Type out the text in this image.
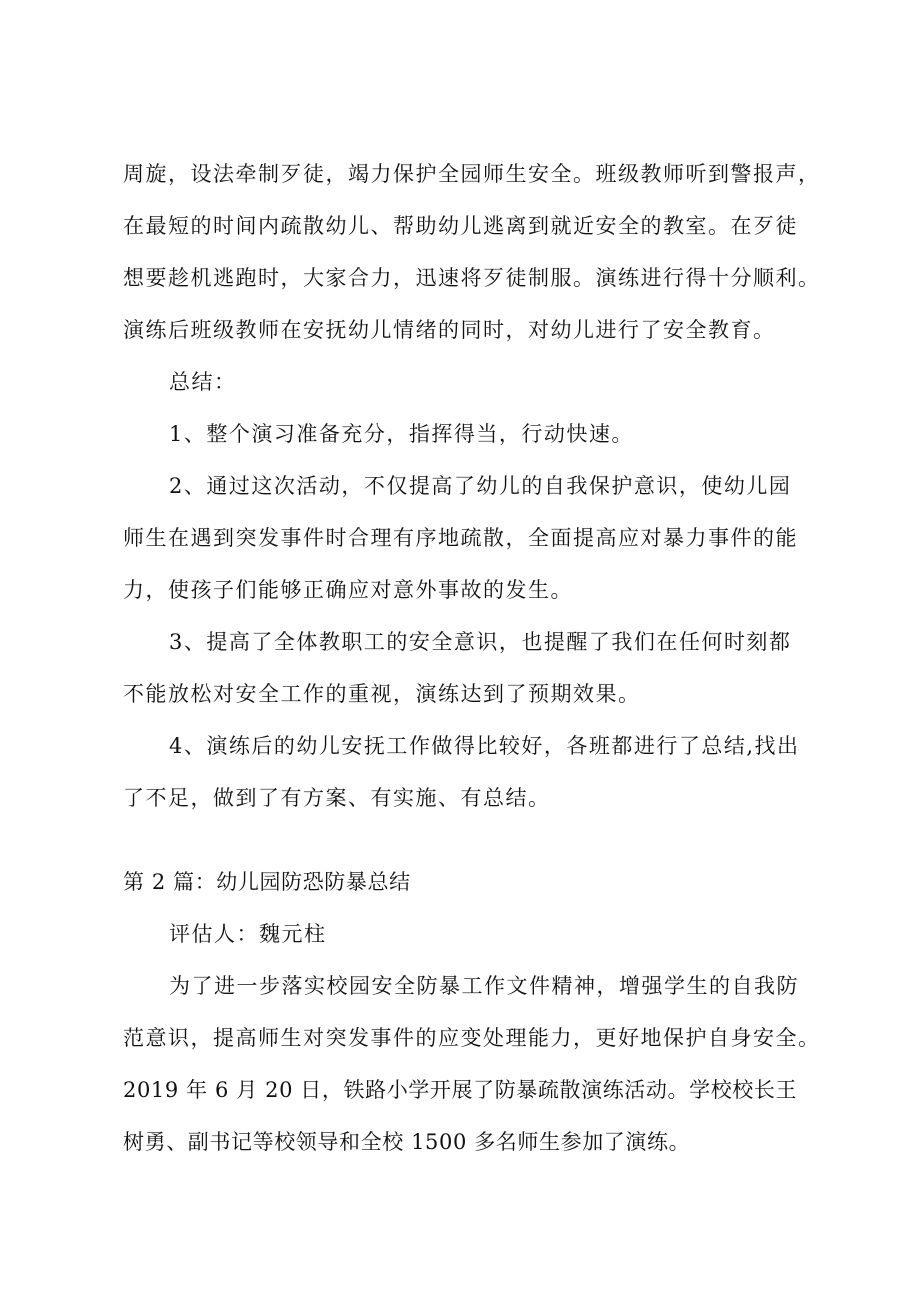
周旋，设法牵制歹徒，竭力保护全园师生安全。班级教师听到警报声，
在最短的时间内疏散幼儿、帮助幼儿逃离到就近安全的教室。在歹徒
想要趁机逃跑时，大家合力，迅速将歹徒制服。演练进行得十分顺利。
演练后班级教师在安抚幼儿情绪的同时，对幼儿进行了安全教育。
总结：
1、整个演习准备充分，指挥得当，行动快速。
2、通过这次活动，不仅提高了幼儿的自我保护意识，使幼儿园
师生在遇到突发事件时合理有序地疏散，全面提高应对暴力事件的能
力，使孩子们能够正确应对意外事故的发生。
3、提高了全体教职工的安全意识，也提醒了我们在任何时刻都
不能放松对安全工作的重视，演练达到了预期效果。
4、演练后的幼儿安抚工作做得比较好，各班都进行了总结,找出
了不足，做到了有方案、有实施、有总结。
第 2 篇：幼儿园防恐防暴总结
评估人：魏元柱
为了进一步落实校园安全防暴工作文件精神，增强学生的自我防
范意识，提高师生对突发事件的应变处理能力，更好地保护自身安全。
2019 年 6 月 20 日，铁路小学开展了防暴疏散演练活动。学校校长王
树勇、副书记等校领导和全校 1500 多名师生参加了演练。
